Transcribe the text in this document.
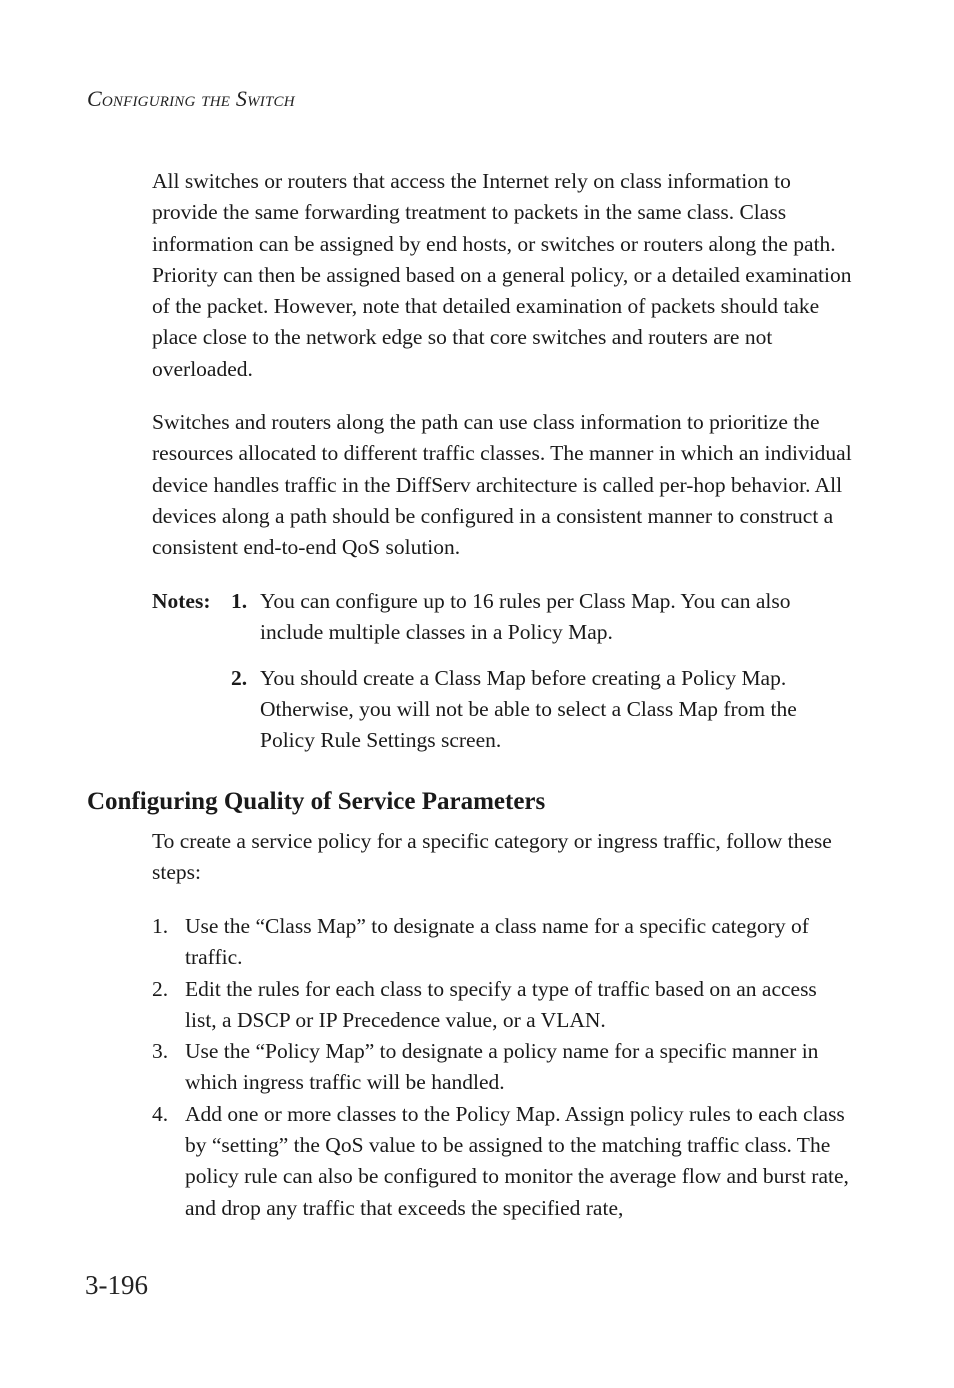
Configuring the Switch

All switches or routers that access the Internet rely on class information to provide the same forwarding treatment to packets in the same class. Class information can be assigned by end hosts, or switches or routers along the path. Priority can then be assigned based on a general policy, or a detailed examination of the packet. However, note that detailed examination of packets should take place close to the network edge so that core switches and routers are not overloaded.

Switches and routers along the path can use class information to prioritize the resources allocated to different traffic classes. The manner in which an individual device handles traffic in the DiffServ architecture is called per-hop behavior. All devices along a path should be configured in a consistent manner to construct a consistent end-to-end QoS solution.

Notes: 1. You can configure up to 16 rules per Class Map. You can also include multiple classes in a Policy Map.
2. You should create a Class Map before creating a Policy Map. Otherwise, you will not be able to select a Class Map from the Policy Rule Settings screen.
Configuring Quality of Service Parameters

To create a service policy for a specific category or ingress traffic, follow these steps:

1. Use the “Class Map” to designate a class name for a specific category of traffic.
2. Edit the rules for each class to specify a type of traffic based on an access list, a DSCP or IP Precedence value, or a VLAN.
3. Use the “Policy Map” to designate a policy name for a specific manner in which ingress traffic will be handled.
4. Add one or more classes to the Policy Map. Assign policy rules to each class by “setting” the QoS value to be assigned to the matching traffic class. The policy rule can also be configured to monitor the average flow and burst rate, and drop any traffic that exceeds the specified rate,
3-196
